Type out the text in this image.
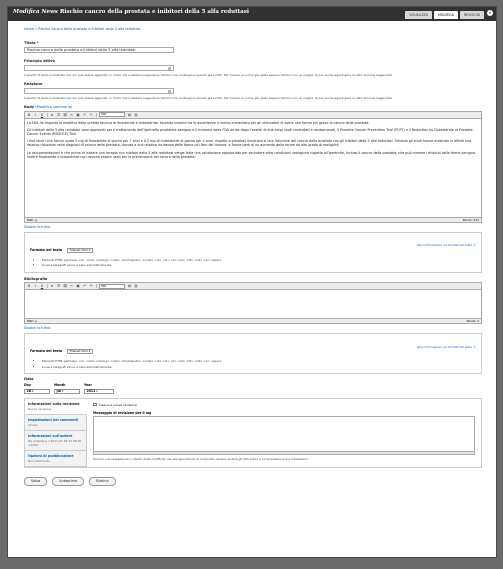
Modifica News Rischio cancro della prostata e inibitori della 5 alfa reduttasi	VISUALIZZA	MODIFICA	REVISIONI	✕
Home » Rischio cancro della prostata e inibitori della 5 alfa reduttasi
Titolo *
Rischio cancro della prostata e inibitori della 5 alfa reduttasi
Principio attivo
Il quadro di testo è mostrato ma non può essere aggiunto, in modo che il sistema suggerisca i termini che contengono quanto già scritto. Per trovare un nome già usato separa i termini con un virgola. Si può anche aggiungere un altro termine leggendolo.
Reazione
Il quadro di testo è mostrato ma non può essere aggiunto, in modo che il sistema suggerisca i termini che contengono quanto già scritto. Per trovare un nome già usato separa i termini con un virgola. Si può anche aggiungere un altro termine leggendolo.
Body (Modifica sommario)
B	I	U ≡ ☰ ⛓ ✂ ▣ ↶ ↷	Stili	▤ ▥

La FDA ha imposto la modifica della scheda tecnica di finasteride e dutasteride, facendo inserire tra le avvertenze il rischio aumentato per gli utilizzatori di avere una forma più grave di cancro della prostata.

Gli inibitori della 5 alfa reduttasi sono approvati per il trattamento dell'ipertrofia prostatica benigna e il richiamo della FDA arriva dopo l'analisi di due ampi studi controllati e randomizzati, il Prostate Cancer Prevention Trial (PCPT) e il Reduction by Dutasteride of Prostate Cancer Events (REDUCE) Trial.

I due studi (che hanno usato 5 mg di finasteride al giorno per 7 anni e 0,5 mg di dutasteride al giorno per 4 anni, rispetto a placebo) mostrano sì una riduzione del cancro della prostata con gli inibitori della 5 alfa reduttasi. Tuttavia gli studi hanno mostrato in effetti una relativa riduzione nella diagnosi di cancro della prostata, dovuta a una relativa incidenza delle forme più lievi del tumore, a fronte però di un aumento delle forme ad alto grado di malignità.

Le raccomandazioni è che prima di iniziare una terapia con inibitori della 5 alfa reduttasi venga fatta una valutazione appropriata per escludere altre condizioni urologiche rispetto all'ipertrofia, incluso il cancro della prostata, che può mimare i disturbi della forma benigna. Inoltre finasteride e dutasteride non devono essere usati per la prevenzione del cancro della prostata.

Path: p	Words: 212
Disable rich-text
Formato del testo	Filtered html ▾
Altre informazioni sui formati del testo ⓘ
• Elementi HTML permessi: <a> <em> <strong> <cite> <blockquote> <code> <ul> <ol> <li> <dl> <dt> <dd> <p> <span>
• Linee e paragrafi vanno a capo automaticamente.
Bibliografia
B	I	U ≡ ☰ ⛓ ✂ ▣ ↶ ↷	Stili	▤ ▥
Path: p	Words: 0
Disable rich-text
Formato del testo	Filtered html ▾
Altre informazioni sui formati del testo ⓘ
• Elementi HTML permessi: <a> <em> <strong> <cite> <blockquote> <code> <ul> <ol> <li> <dl> <dt> <dd> <p> <span>
• Linee e paragrafi vanno a capo automaticamente.
Data
Day
28 ▾
Month
Jul ▾
Year
2011 ▾
Informazioni sulla revisione
Nuova revisione
Impostazioni del commenti
Chiuso
Informazioni sull'autore
Da redazione il 2011-07-28 13:08:20 +0200
Opzioni di pubblicazione
Non pubblicato
Crea una nuova revisione
Messaggio di revisione per il log
Fornisci una spiegazione o intento delle modifiche che stai apportando al contenuto. Questo aiuterà gli altri autori a comprendere le tue motivazioni.
Salva	Anteprima	Elimina
